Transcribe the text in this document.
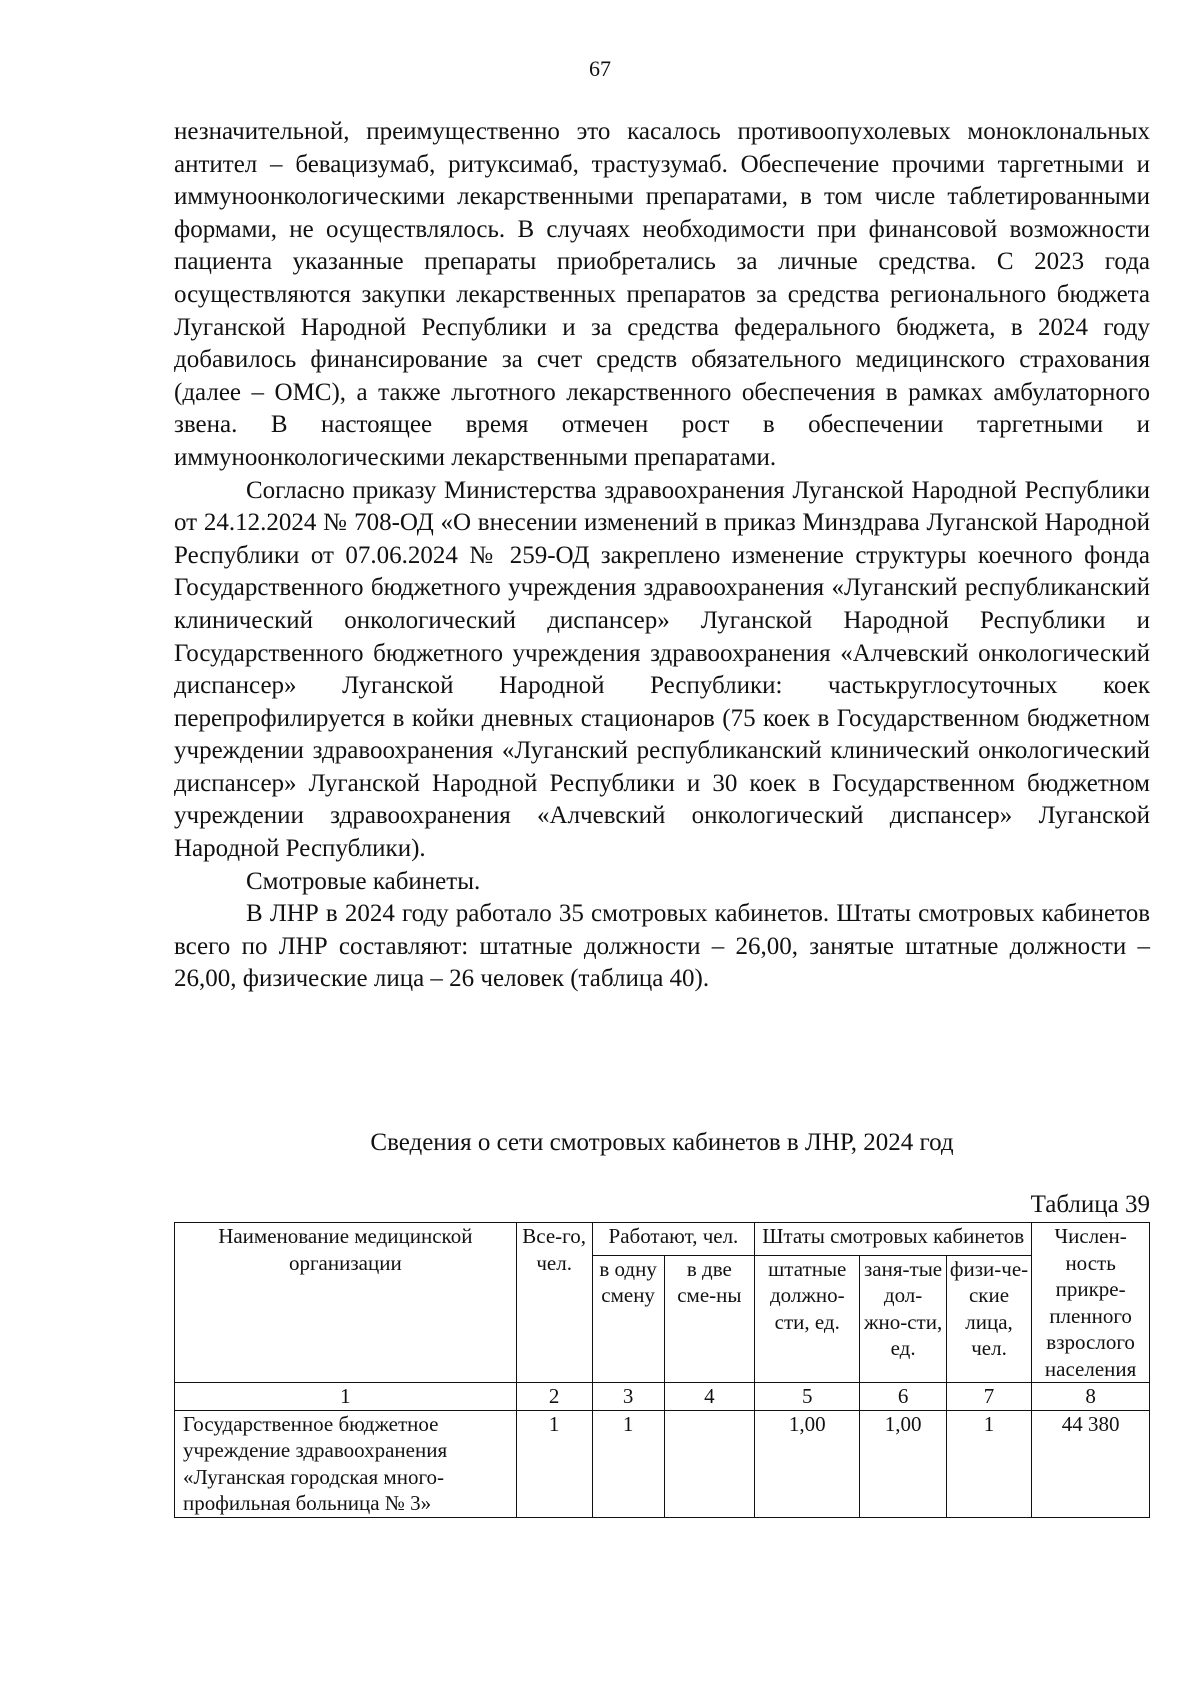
67

незначительной, преимущественно это касалось противоопухолевых моноклональных антител – бевацизумаб, ритуксимаб, трастузумаб. Обеспечение прочими таргетными и иммуноонкологическими лекарственными препаратами, в том числе таблетированными формами, не осуществлялось. В случаях необходимости при финансовой возможности пациента указанные препараты приобретались за личные средства. С 2023 года осуществляются закупки лекарственных препаратов за средства регионального бюджета Луганской Народной Республики и за средства федерального бюджета, в 2024 году добавилось финансирование за счет средств обязательного медицинского страхования (далее – ОМС), а также льготного лекарственного обеспечения в рамках амбулаторного звена. В настоящее время отмечен рост в обеспечении таргетными и иммуноонкологическими лекарственными препаратами.

Согласно приказу Министерства здравоохранения Луганской Народной Республики от 24.12.2024 № 708-ОД «О внесении изменений в приказ Минздрава Луганской Народной Республики от 07.06.2024 № 259-ОД закреплено изменение структуры коечного фонда Государственного бюджетного учреждения здравоохранения «Луганский республиканский клинический онкологический диспансер» Луганской Народной Республики и Государственного бюджетного учреждения здравоохранения «Алчевский онкологический диспансер» Луганской Народной Республики: частькруглосуточных коек перепрофилируется в койки дневных стационаров (75 коек в Государственном бюджетном учреждении здравоохранения «Луганский республиканский клинический онкологический диспансер» Луганской Народной Республики и 30 коек в Государственном бюджетном учреждении здравоохранения «Алчевский онкологический диспансер» Луганской Народной Республики).

Смотровые кабинеты.

В ЛНР в 2024 году работало 35 смотровых кабинетов. Штаты смотровых кабинетов всего по ЛНР составляют: штатные должности – 26,00, занятые штатные должности – 26,00, физические лица – 26 человек (таблица 40).

Сведения о сети смотровых кабинетов в ЛНР, 2024 год
Таблица 39
Наименование медицинской организации	Все-го, чел.	Работают, чел.		Штаты смотровых кабинетов			Числен-ность прикре-пленного взрослого населения
		в одну смену	в две сме-ны	штатные должно-сти, ед.	заня-тые дол-жно-сти, ед.	физи-че-ские лица, чел.	
1	2	3	4	5	6	7	8
Государственное бюджетное учреждение здравоохранения «Луганская городская много-профильная больница № 3»	1	1		1,00	1,00	1	44 380
